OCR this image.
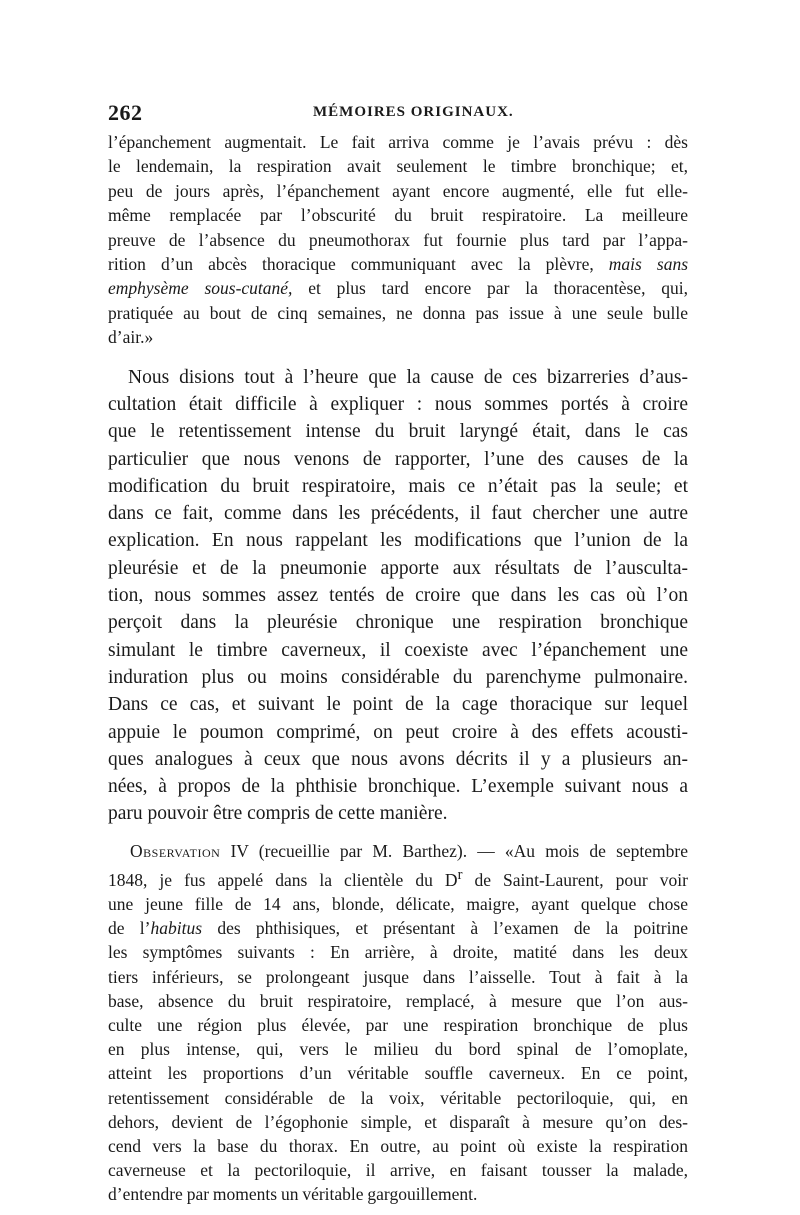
262	MÉMOIRES ORIGINAUX.

l’épanchement augmentait. Le fait arriva comme je l’avais prévu : dès

le lendemain, la respiration avait seulement le timbre bronchique; et,

peu de jours après, l’épanchement ayant encore augmenté, elle fut elle-

même remplacée par l’obscurité du bruit respiratoire. La meilleure

preuve de l’absence du pneumothorax fut fournie plus tard par l’appa-

rition d’un abcès thoracique communiquant avec la plèvre, mais sans

emphysème sous-cutané, et plus tard encore par la thoracentèse, qui,

pratiquée au bout de cinq semaines, ne donna pas issue à une seule bulle

d’air.»

Nous disions tout à l’heure que la cause de ces bizarreries d’aus-

cultation était difficile à expliquer : nous sommes portés à croire

que le retentissement intense du bruit laryngé était, dans le cas

particulier que nous venons de rapporter, l’une des causes de la

modification du bruit respiratoire, mais ce n’était pas la seule; et

dans ce fait, comme dans les précédents, il faut chercher une autre

explication. En nous rappelant les modifications que l’union de la

pleurésie et de la pneumonie apporte aux résultats de l’ausculta-

tion, nous sommes assez tentés de croire que dans les cas où l’on

perçoit dans la pleurésie chronique une respiration bronchique

simulant le timbre caverneux, il coexiste avec l’épanchement une

induration plus ou moins considérable du parenchyme pulmonaire.

Dans ce cas, et suivant le point de la cage thoracique sur lequel

appuie le poumon comprimé, on peut croire à des effets acousti-

ques analogues à ceux que nous avons décrits il y a plusieurs an-

nées, à propos de la phthisie bronchique. L’exemple suivant nous a

paru pouvoir être compris de cette manière.

Observation IV (recueillie par M. Barthez). — «Au mois de septembre

1848, je fus appelé dans la clientèle du $D^r$ de Saint-Laurent, pour voir

une jeune fille de 14 ans, blonde, délicate, maigre, ayant quelque chose

de l’habitus des phthisiques, et présentant à l’examen de la poitrine

les symptômes suivants : En arrière, à droite, matité dans les deux

tiers inférieurs, se prolongeant jusque dans l’aisselle. Tout à fait à la

base, absence du bruit respiratoire, remplacé, à mesure que l’on aus-

culte une région plus élevée, par une respiration bronchique de plus

en plus intense, qui, vers le milieu du bord spinal de l’omoplate,

atteint les proportions d’un véritable souffle caverneux. En ce point,

retentissement considérable de la voix, véritable pectoriloquie, qui, en

dehors, devient de l’égophonie simple, et disparaît à mesure qu’on des-

cend vers la base du thorax. En outre, au point où existe la respiration

caverneuse et la pectoriloquie, il arrive, en faisant tousser la malade,

d’entendre par moments un véritable gargouillement.
